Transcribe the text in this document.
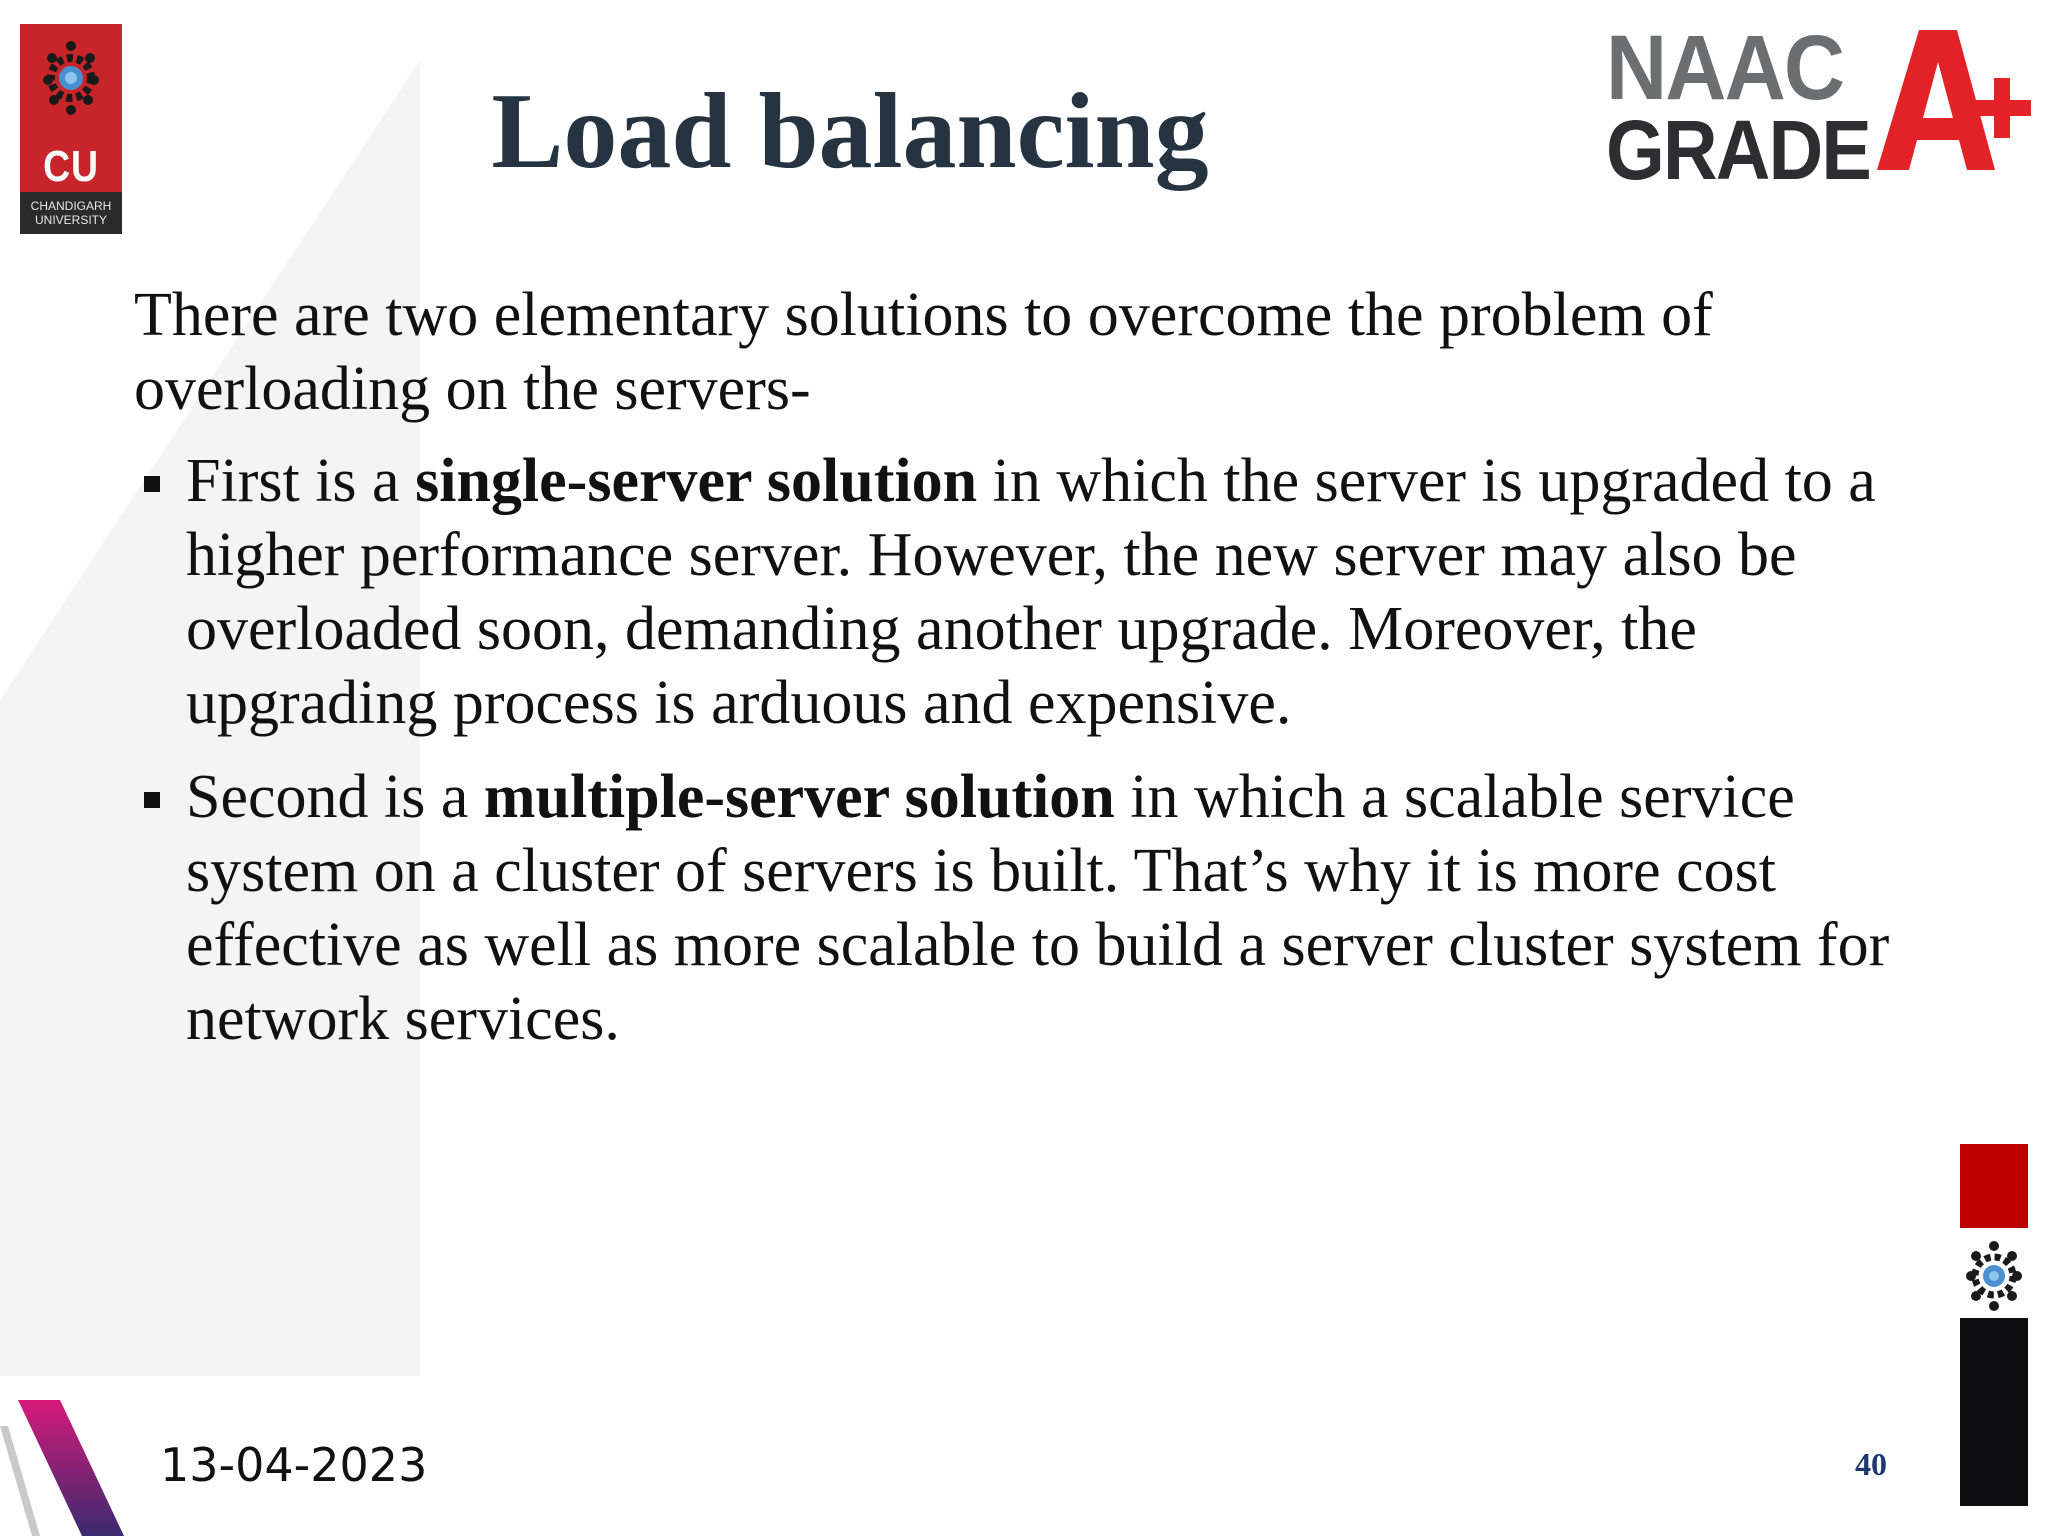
CU
CHANDIGARH
UNIVERSITY
NAAC
GRADE
Load balancing

There are two elementary solutions to overcome the problem of overloading on the servers-

First is a single-server solution in which the server is upgraded to a higher performance server. However, the new server may also be overloaded soon, demanding another upgrade. Moreover, the upgrading process is arduous and expensive.
Second is a multiple-server solution in which a scalable service system on a cluster of servers is built. That’s why it is more cost effective as well as more scalable to build a server cluster system for network services.
13-04-2023	40
